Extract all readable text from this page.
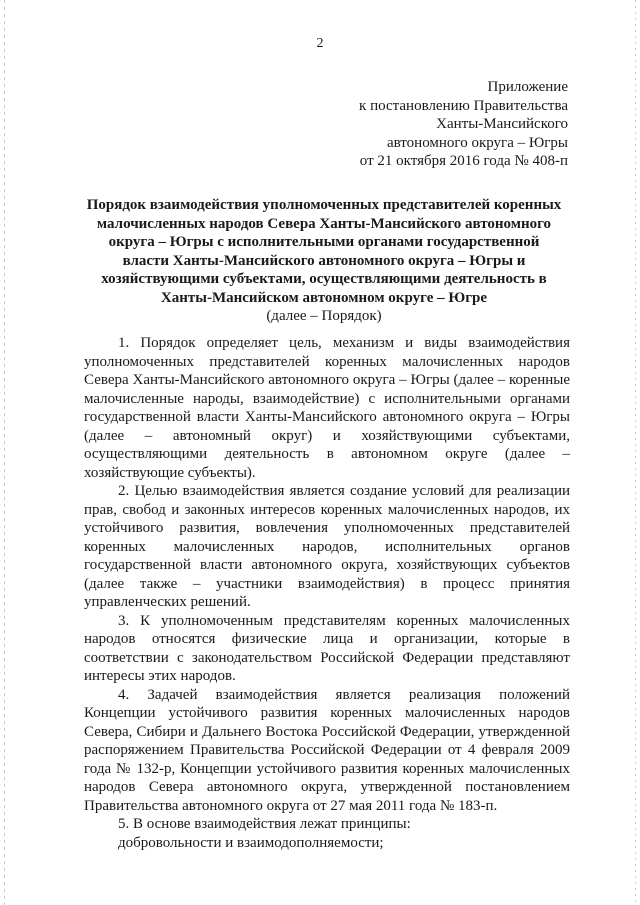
2
Приложение
к постановлению Правительства
Ханты-Мансийского
автономного округа – Югры
от 21 октября 2016 года № 408-п
Порядок взаимодействия уполномоченных представителей коренных малочисленных народов Севера Ханты-Мансийского автономного округа – Югры с исполнительными органами государственной власти Ханты-Мансийского автономного округа – Югры и хозяйствующими субъектами, осуществляющими деятельность в Ханты-Мансийском автономном округе – Югре
(далее – Порядок)

1. Порядок определяет цель, механизм и виды взаимодействия уполномоченных представителей коренных малочисленных народов Севера Ханты-Мансийского автономного округа – Югры (далее – коренные малочисленные народы, взаимодействие) с исполнительными органами государственной власти Ханты-Мансийского автономного округа – Югры (далее – автономный округ) и хозяйствующими субъектами, осуществляющими деятельность в автономном округе (далее – хозяйствующие субъекты).

2. Целью взаимодействия является создание условий для реализации прав, свобод и законных интересов коренных малочисленных народов, их устойчивого развития, вовлечения уполномоченных представителей коренных малочисленных народов, исполнительных органов государственной власти автономного округа, хозяйствующих субъектов (далее также – участники взаимодействия) в процесс принятия управленческих решений.

3. К уполномоченным представителям коренных малочисленных народов относятся физические лица и организации, которые в соответствии с законодательством Российской Федерации представляют интересы этих народов.

4. Задачей взаимодействия является реализация положений Концепции устойчивого развития коренных малочисленных народов Севера, Сибири и Дальнего Востока Российской Федерации, утвержденной распоряжением Правительства Российской Федерации от 4 февраля 2009 года № 132-р, Концепции устойчивого развития коренных малочисленных народов Севера автономного округа, утвержденной постановлением Правительства автономного округа от 27 мая 2011 года № 183-п.

5. В основе взаимодействия лежат принципы:

добровольности и взаимодополняемости;
